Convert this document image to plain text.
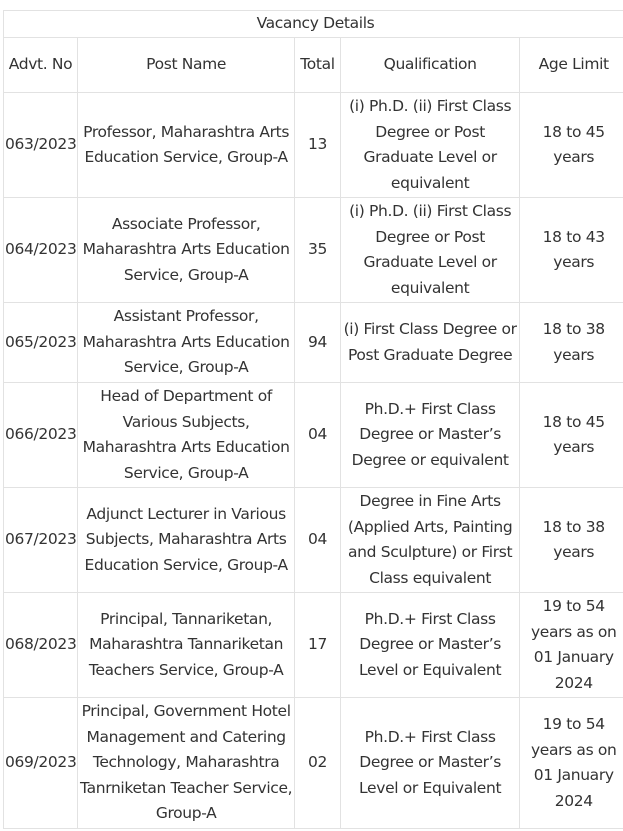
Vacancy Details				
Advt. No	Post Name	Total	Qualification	Age Limit
063/2023	Professor, Maharashtra Arts Education Service, Group-A	13	(i) Ph.D. (ii) First Class Degree or Post Graduate Level or equivalent	18 to 45 years
064/2023	Associate Professor, Maharashtra Arts Education Service, Group-A	35	(i) Ph.D. (ii) First Class Degree or Post Graduate Level or equivalent	18 to 43 years
065/2023	Assistant Professor, Maharashtra Arts Education Service, Group-A	94	(i) First Class Degree or Post Graduate Degree	18 to 38 years
066/2023	Head of Department of Various Subjects, Maharashtra Arts Education Service, Group-A	04	Ph.D.+ First Class Degree or Master’s Degree or equivalent	18 to 45 years
067/2023	Adjunct Lecturer in Various Subjects, Maharashtra Arts Education Service, Group-A	04	Degree in Fine Arts (Applied Arts, Painting and Sculpture) or First Class equivalent	18 to 38 years
068/2023	Principal, Tannariketan, Maharashtra Tannariketan Teachers Service, Group-A	17	Ph.D.+ First Class Degree or Master’s Level or Equivalent	19 to 54 years as on 01 January 2024
069/2023	Principal, Government Hotel Management and Catering Technology, Maharashtra Tanrniketan Teacher Service, Group-A	02	Ph.D.+ First Class Degree or Master’s Level or Equivalent	19 to 54 years as on 01 January 2024
